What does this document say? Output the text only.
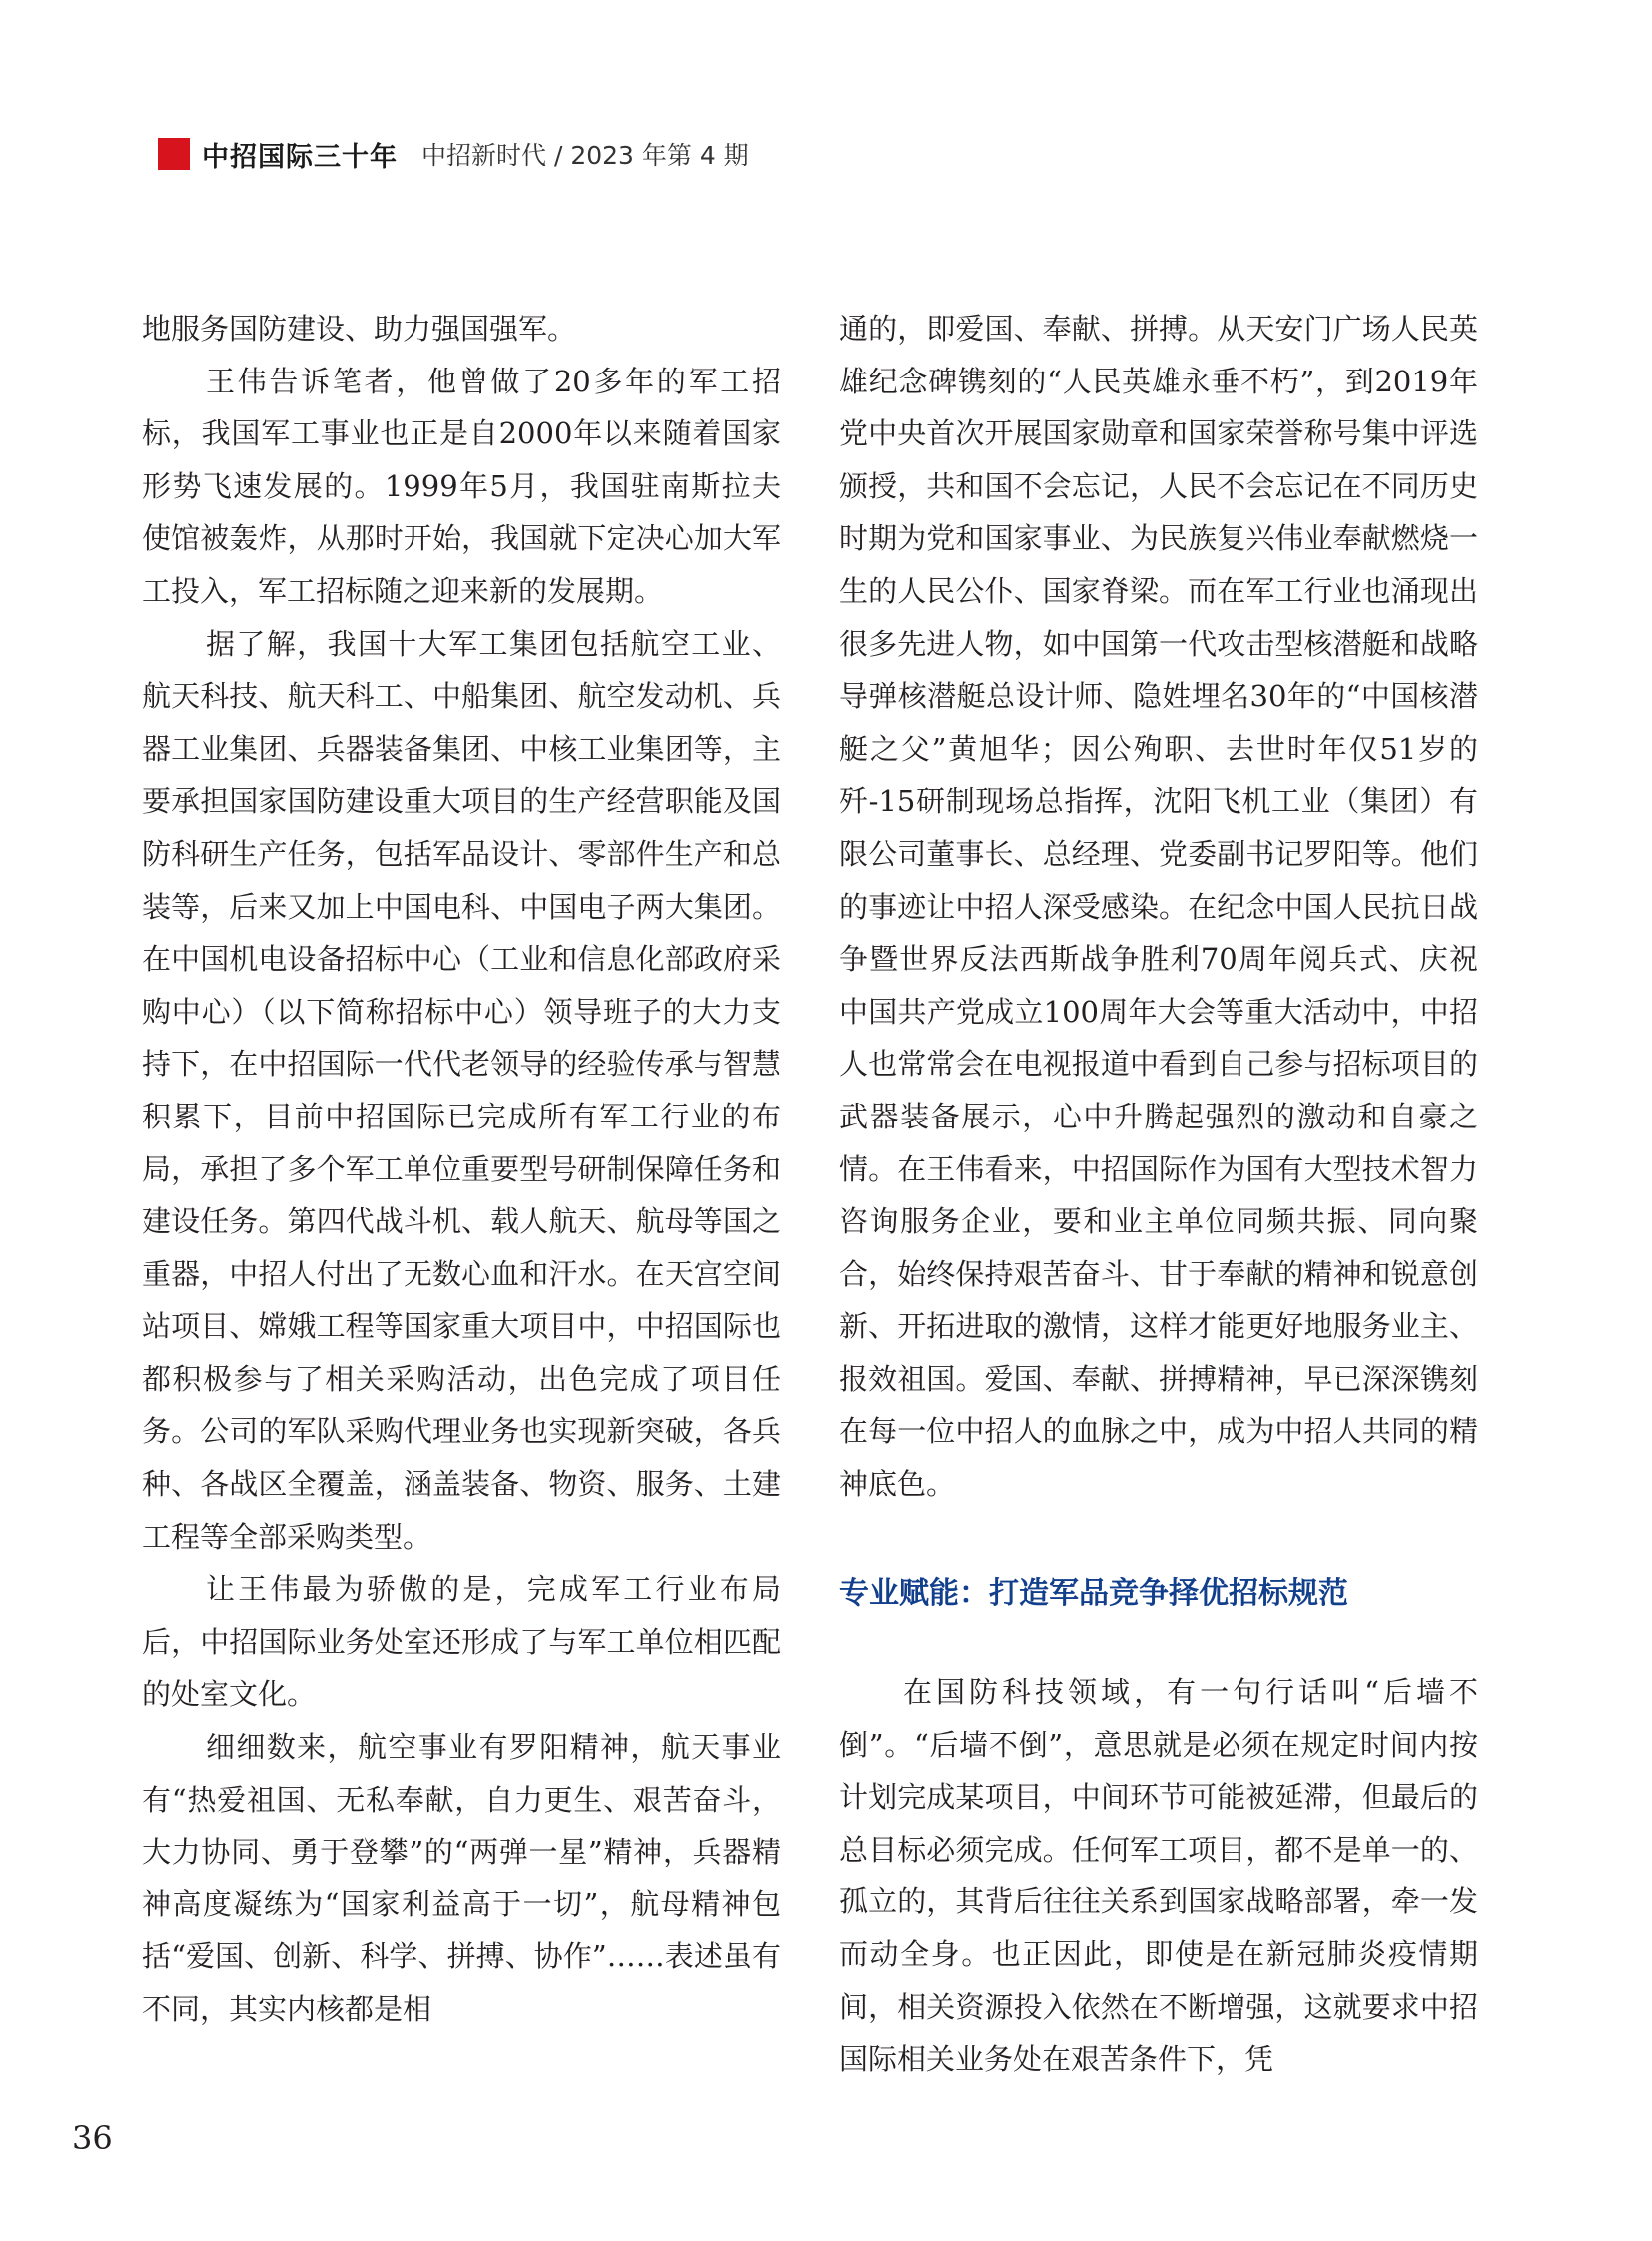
中招国际三十年 中招新时代 / 2023 年第 4 期

地服务国防建设、助力强国强军。

王伟告诉笔者，他曾做了20多年的军工招标，我国军工事业也正是自2000年以来随着国家形势飞速发展的。1999年5月，我国驻南斯拉夫使馆被轰炸，从那时开始，我国就下定决心加大军工投入，军工招标随之迎来新的发展期。

据了解，我国十大军工集团包括航空工业、航天科技、航天科工、中船集团、航空发动机、兵器工业集团、兵器装备集团、中核工业集团等，主要承担国家国防建设重大项目的生产经营职能及国防科研生产任务，包括军品设计、零部件生产和总装等，后来又加上中国电科、中国电子两大集团。在中国机电设备招标中心（工业和信息化部政府采购中心）（以下简称招标中心）领导班子的大力支持下，在中招国际一代代老领导的经验传承与智慧积累下，目前中招国际已完成所有军工行业的布局，承担了多个军工单位重要型号研制保障任务和建设任务。第四代战斗机、载人航天、航母等国之重器，中招人付出了无数心血和汗水。在天宫空间站项目、嫦娥工程等国家重大项目中，中招国际也都积极参与了相关采购活动，出色完成了项目任务。公司的军队采购代理业务也实现新突破，各兵种、各战区全覆盖，涵盖装备、物资、服务、土建工程等全部采购类型。

让王伟最为骄傲的是，完成军工行业布局后，中招国际业务处室还形成了与军工单位相匹配的处室文化。

细细数来，航空事业有罗阳精神，航天事业有“热爱祖国、无私奉献，自力更生、艰苦奋斗，大力协同、勇于登攀”的“两弹一星”精神，兵器精神高度凝练为“国家利益高于一切”，航母精神包括“爱国、创新、科学、拼搏、协作”……表述虽有不同，其实内核都是相

通的，即爱国、奉献、拼搏。从天安门广场人民英雄纪念碑镌刻的“人民英雄永垂不朽”，到2019年党中央首次开展国家勋章和国家荣誉称号集中评选颁授，共和国不会忘记，人民不会忘记在不同历史时期为党和国家事业、为民族复兴伟业奉献燃烧一生的人民公仆、国家脊梁。而在军工行业也涌现出很多先进人物，如中国第一代攻击型核潜艇和战略导弹核潜艇总设计师、隐姓埋名30年的“中国核潜艇之父”黄旭华；因公殉职、去世时年仅51岁的歼-15研制现场总指挥，沈阳飞机工业（集团）有限公司董事长、总经理、党委副书记罗阳等。他们的事迹让中招人深受感染。在纪念中国人民抗日战争暨世界反法西斯战争胜利70周年阅兵式、庆祝中国共产党成立100周年大会等重大活动中，中招人也常常会在电视报道中看到自己参与招标项目的武器装备展示，心中升腾起强烈的激动和自豪之情。在王伟看来，中招国际作为国有大型技术智力咨询服务企业，要和业主单位同频共振、同向聚合，始终保持艰苦奋斗、甘于奉献的精神和锐意创新、开拓进取的激情，这样才能更好地服务业主、报效祖国。爱国、奉献、拼搏精神，早已深深镌刻在每一位中招人的血脉之中，成为中招人共同的精神底色。

专业赋能：打造军品竞争择优招标规范

在国防科技领域，有一句行话叫“后墙不倒”。“后墙不倒”，意思就是必须在规定时间内按计划完成某项目，中间环节可能被延滞，但最后的总目标必须完成。任何军工项目，都不是单一的、孤立的，其背后往往关系到国家战略部署，牵一发而动全身。也正因此，即使是在新冠肺炎疫情期间，相关资源投入依然在不断增强，这就要求中招国际相关业务处在艰苦条件下，凭

36
